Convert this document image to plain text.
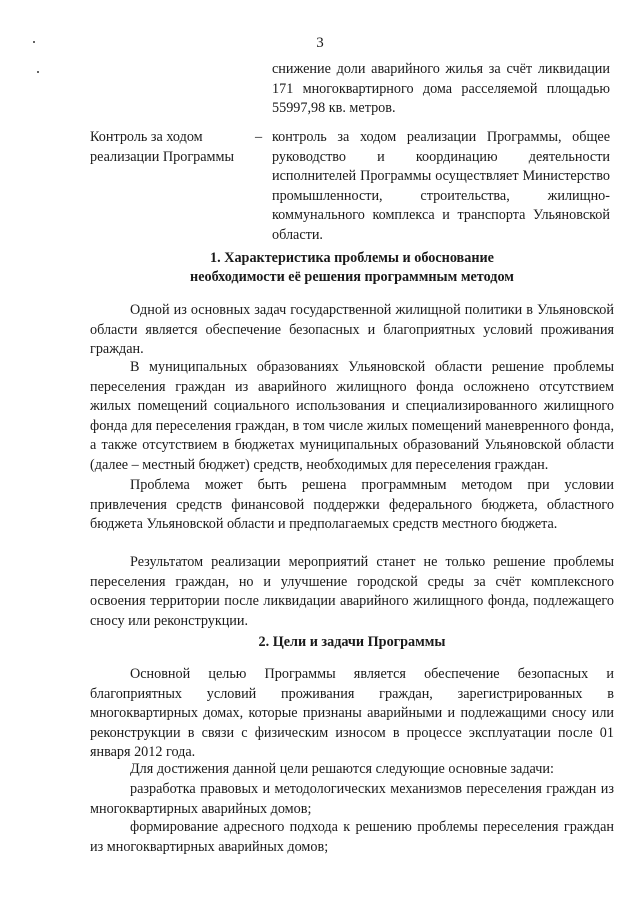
3
снижение доли аварийного жилья за счёт ликвидации 171 многоквартирного дома расселяемой площадью 55997,98 кв. метров.
Контроль за ходом реализации Программы
– контроль за ходом реализации Программы, общее руководство и координацию деятельности исполнителей Программы осуществляет Министерство промышленности, строительства, жилищно-коммунального комплекса и транспорта Ульяновской области.
1. Характеристика проблемы и обоснование
необходимости её решения программным методом
Одной из основных задач государственной жилищной политики в Ульяновской области является обеспечение безопасных и благоприятных условий проживания граждан.
В муниципальных образованиях Ульяновской области решение проблемы переселения граждан из аварийного жилищного фонда осложнено отсутствием жилых помещений социального использования и специализированного жилищного фонда для переселения граждан, в том числе жилых помещений маневренного фонда, а также отсутствием в бюджетах муниципальных образований Ульяновской области (далее – местный бюджет) средств, необходимых для переселения граждан.
Проблема может быть решена программным методом при условии привлечения средств финансовой поддержки федерального бюджета, областного бюджета Ульяновской области и предполагаемых средств местного бюджета.
Результатом реализации мероприятий станет не только решение проблемы переселения граждан, но и улучшение городской среды за счёт комплексного освоения территории после ликвидации аварийного жилищного фонда, подлежащего сносу или реконструкции.
2. Цели и задачи Программы
Основной целью Программы является обеспечение безопасных и благоприятных условий проживания граждан, зарегистрированных в многоквартирных домах, которые признаны аварийными и подлежащими сносу или реконструкции в связи с физическим износом в процессе эксплуатации после 01 января 2012 года.
Для достижения данной цели решаются следующие основные задачи:
разработка правовых и методологических механизмов переселения граждан из многоквартирных аварийных домов;
формирование адресного подхода к решению проблемы переселения граждан из многоквартирных аварийных домов;
